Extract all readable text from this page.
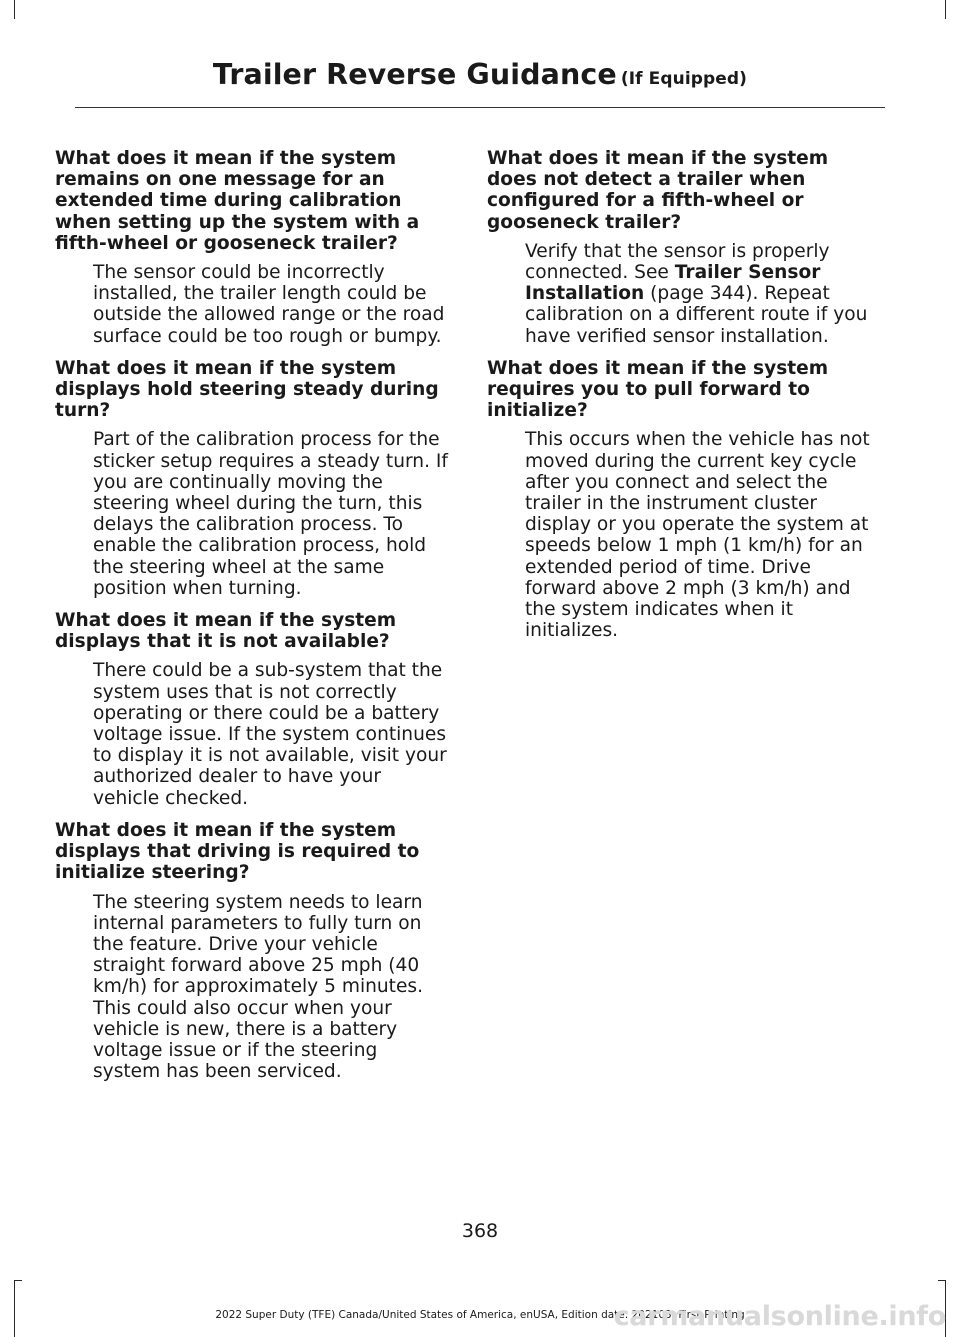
Trailer Reverse Guidance (If Equipped)

What does it mean if the system remains on one message for an extended time during calibration when setting up the system with a fifth-wheel or gooseneck trailer?

The sensor could be incorrectly installed, the trailer length could be outside the allowed range or the road surface could be too rough or bumpy.

What does it mean if the system displays hold steering steady during turn?

Part of the calibration process for the sticker setup requires a steady turn. If you are continually moving the steering wheel during the turn, this delays the calibration process. To enable the calibration process, hold the steering wheel at the same position when turning.

What does it mean if the system displays that it is not available?

There could be a sub-system that the system uses that is not correctly operating or there could be a battery voltage issue. If the system continues to display it is not available, visit your authorized dealer to have your vehicle checked.

What does it mean if the system displays that driving is required to initialize steering?

The steering system needs to learn internal parameters to fully turn on the feature. Drive your vehicle straight forward above 25 mph (40 km/h) for approximately 5 minutes. This could also occur when your vehicle is new, there is a battery voltage issue or if the steering system has been serviced.

What does it mean if the system does not detect a trailer when configured for a fifth-wheel or gooseneck trailer?

Verify that the sensor is properly connected. See Trailer Sensor Installation (page 344). Repeat calibration on a different route if you have verified sensor installation.

What does it mean if the system requires you to pull forward to initialize?

This occurs when the vehicle has not moved during the current key cycle after you connect and select the trailer in the instrument cluster display or you operate the system at speeds below 1 mph (1 km/h) for an extended period of time. Drive forward above 2 mph (3 km/h) and the system indicates when it initializes.

368
2022 Super Duty (TFE) Canada/United States of America, enUSA, Edition date: 202103, First-Printing
carmanualsonline.info
